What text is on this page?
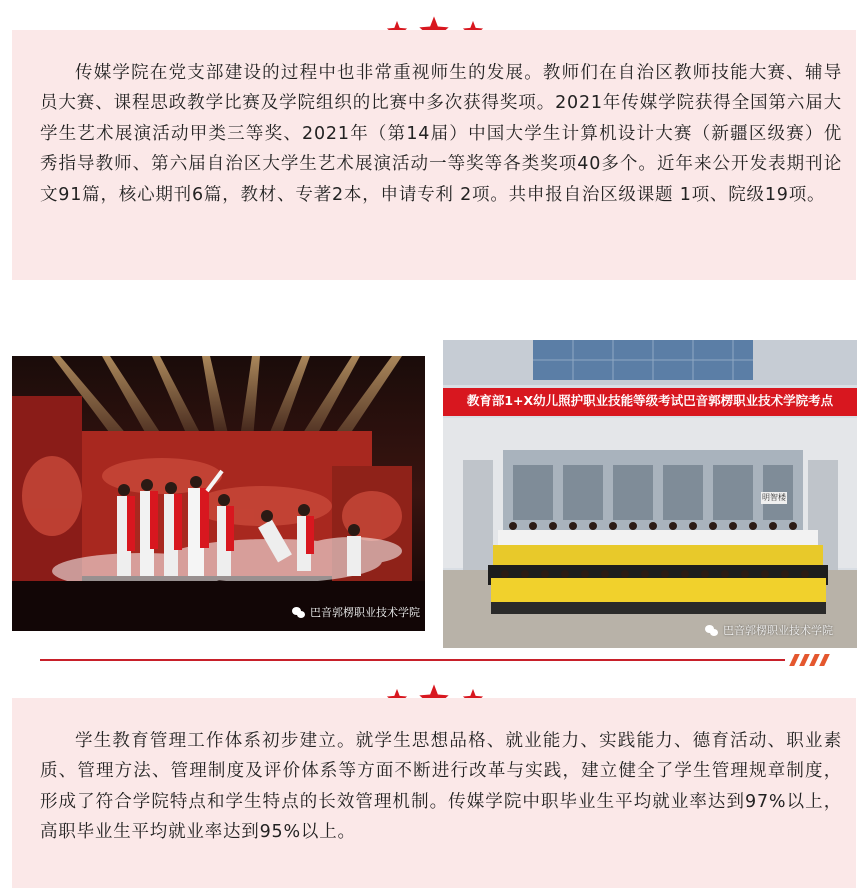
传媒学院在党支部建设的过程中也非常重视师生的发展。教师们在自治区教师技能大赛、辅导员大赛、课程思政教学比赛及学院组织的比赛中多次获得奖项。2021年传媒学院获得全国第六届大学生艺术展演活动甲类三等奖、2021年（第14届）中国大学生计算机设计大赛（新疆区级赛）优秀指导教师、第六届自治区大学生艺术展演活动一等奖等各类奖项40多个。近年来公开发表期刊论文91篇，核心期刊6篇，教材、专著2本，申请专利 2项。共申报自治区级课题 1项、院级19项。

巴音郭楞职业技术学院
教育部1+X幼儿照护职业技能等级考试巴音郭楞职业技术学院考点
明智楼
巴音郭楞职业技术学院

学生教育管理工作体系初步建立。就学生思想品格、就业能力、实践能力、德育活动、职业素质、管理方法、管理制度及评价体系等方面不断进行改革与实践，建立健全了学生管理规章制度，形成了符合学院特点和学生特点的长效管理机制。传媒学院中职毕业生平均就业率达到97%以上，高职毕业生平均就业率达到95%以上。
